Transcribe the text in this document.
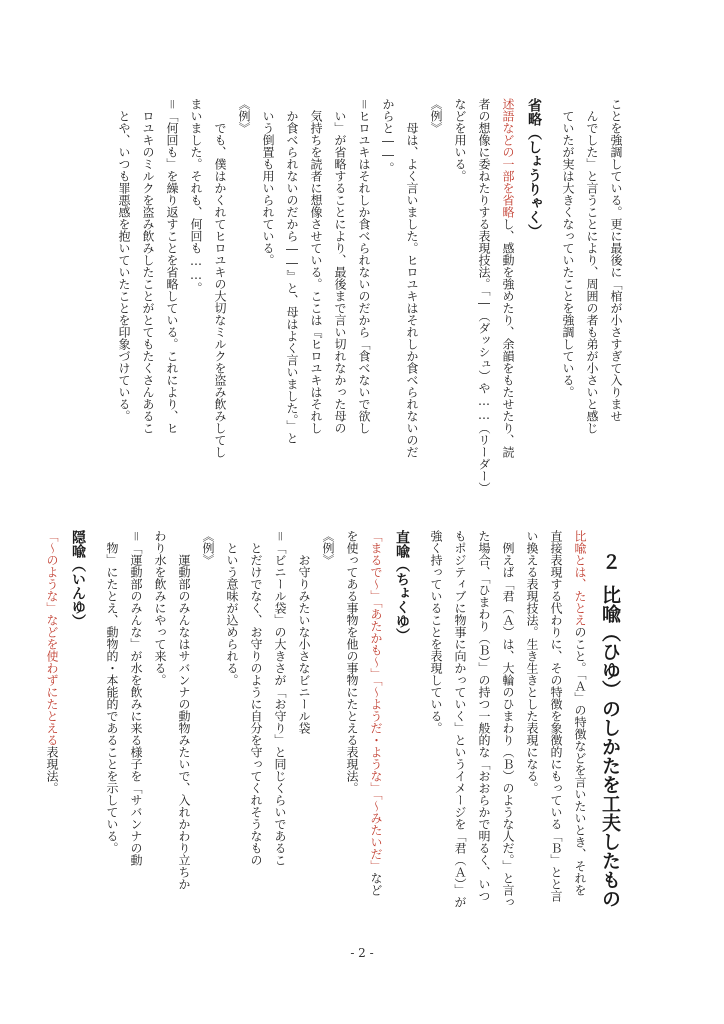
ことを強調している。更に最後に「棺が小さすぎて入りませ
んでした」と言うことにより、周囲の者も弟が小さいと感じ
ていたが実は大きくなっていたことを強調している。
省略（しょうりゃく）
述語などの一部を省略し、感動を強めたり、余韻をもたせたり、読
者の想像に委ねたりする表現技法。「―（ダッシュ）や……（リーダー）
などを用いる。
《例》
母は、よく言いました。ヒロユキはそれしか食べられないのだ
からと――。
＝ヒロユキはそれしか食べられないのだから「食べないで欲し
い」が省略することにより、最後まで言い切れなかった母の
気持ちを読者に想像させている。ここは『ヒロユキはそれし
か食べられないのだから――』と、母はよく言いました。」と
いう倒置も用いられている。
《例》
でも、僕はかくれてヒロユキの大切なミルクを盗み飲みしてし
まいました。それも、何回も……。
＝「何回も」を繰り返すことを省略している。これにより、ヒ
ロユキのミルクを盗み飲みしたことがとてもたくさんあるこ
とや、いつも罪悪感を抱いていたことを印象づけている。
２比喩（ひゆ）のしかたを工夫したもの
比喩とは、たとえのこと。「Ａ」の特徴などを言いたいとき、それを
直接表現する代わりに、その特徴を象徴的にもっている「Ｂ」とと言
い換える表現技法。生き生きとした表現になる。
例えば「君（Ａ）は、大輪のひまわり（Ｂ）のような人だ。」と言っ
た場合、「ひまわり（Ｂ）」の持つ一般的な「おおらかで明るく、いつ
もポジティブに物事に向かっていく」というイメージを「君（Ａ）」が
強く持っていることを表現している。
直喩（ちょくゆ）
「まるで～」「あたかも～」「～ようだ・ような」「～みたいだ」など
を使ってある事物を他の事物にたとえる表現法。
《例》
お守りみたいな小さなビニール袋
＝「ビニール袋」の大きさが「お守り」と同じくらいであるこ
とだけでなく、お守りのように自分を守ってくれそうなもの
という意味が込められる。
《例》
運動部のみんなはサバンナの動物みたいで、入れかわり立ちか
わり水を飲みにやって来る。
＝「運動部のみんな」が水を飲みに来る様子を「サバンナの動
物」にたとえ、動物的・本能的であることを示している。
隠喩（いんゆ）
「～のような」などを使わずにたとえる表現法。
- 2 -
